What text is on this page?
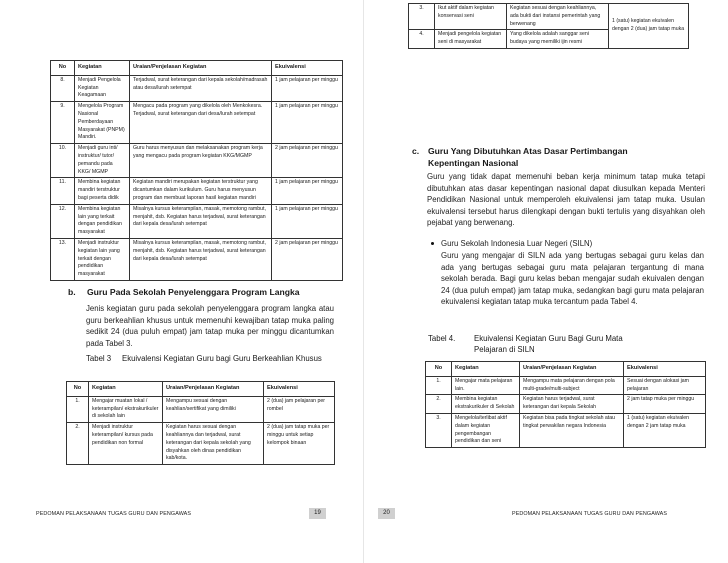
No	Kegiatan	Uraian/Penjelasan Kegiatan	Ekuivalensi
8.	Menjadi Pengelola Kegiatan Keagamaan	Terjadwal, surat keterangan dari kepala sekolah/madrasah atau desa/lurah setempat	1 jam pelajaran per minggu
9.	Mengelola Program Nasional Pemberdayaan Masyarakat (PNPM) Mandiri.	Mengacu pada program yang dikelola oleh Menkokesra. Terjadwal, surat keterangan dari desa/lurah setempat	1 jam pelajaran per minggu
10.	Menjadi guru inti/ instruktur/ tutor/ pemandu pada KKG/ MGMP	Guru harus menyusun dan melaksanakan program kerja yang mengacu pada program kegiatan KKG/MGMP	2 jam pelajaran per minggu
11.	Membina kegiatan mandiri terstruktur bagi peserta didik	Kegiatan mandiri merupakan kegiatan terstruktur yang dicantumkan dalam kurikulum. Guru harus menyusun program dan membuat laporan hasil kegiatan mandiri	1 jam pelajaran per minggu
12.	Membina kegiatan lain yang terkait dengan pendidikan masyarakat	Misalnya kursus keterampilan, masak, memotong rambut, menjahit, dsb. Kegiatan harus terjadwal, surat keterangan dari kepala desa/lurah setempat	1 jam pelajaran per minggu
13.	Menjadi instruktur kegiatan lain yang terkait dengan pendidikan masyarakat	Misalnya kursus keterampilan, masak, memotong rambut, menjahit, dsb. Kegiatan harus terjadwal, surat keterangan dari kepala desa/lurah setempat	2 jam pelajaran per minggu
b. Guru Pada Sekolah Penyelenggara Program Langka
Jenis kegiatan guru pada sekolah penyelenggara program langka atau guru berkeahlian khusus untuk memenuhi kewajiban tatap muka paling sedikit 24 (dua puluh empat) jam tatap muka per minggu dicantumkan pada Tabel 3.
Tabel 3 Ekuivalensi Kegiatan Guru bagi Guru Berkeahlian Khusus
No	Kegiatan	Uraian/Penjelasan Kegiatan	Ekuivalensi
1.	Mengajar muatan lokal / keterampilan/ ekstrakurikuler di sekolah lain	Mengampu sesuai dengan keahlian/sertifikat yang dimiliki	2 (dua) jam pelajaran per rombel
2.	Menjadi instruktur keterampilan/ kursus pada pendidikan non formal	Kegiatan harus sesuai dengan keahliannya dan terjadwal, surat keterangan dari kepala sekolah yang disyahkan oleh dinas pendidikan kab/kota.	2 (dua) jam tatap muka per minggu untuk setiap kelompok binaan
PEDOMAN PELAKSANAAN TUGAS GURU DAN PENGAWAS	19
3.	Ikut aktif dalam kegiatan konservasi seni	Kegiatan sesuai dengan keahliannya, ada bukti dari instansi pemerintah yang berwenang	1 (satu) kegiatan ekuivalen dengan 2 (dua) jam tatap muka
4.	Menjadi pengelola kegiatan seni di masyarakat	Yang dikelola adalah sanggar seni budaya yang memiliki ijin resmi	
c. Guru Yang Dibutuhkan Atas Dasar Pertimbangan
Kepentingan Nasional
Guru yang tidak dapat memenuhi beban kerja minimum tatap muka tetapi dibutuhkan atas dasar kepentingan nasional dapat diusulkan kepada Menteri Pendidikan Nasional untuk memperoleh ekuivalensi jam tatap muka. Usulan ekuivalensi tersebut harus dilengkapi dengan bukti tertulis yang disyahkan oleh pejabat yang berwenang.
Guru Sekolah Indonesia Luar Negeri (SILN)
Guru yang mengajar di SILN ada yang bertugas sebagai guru kelas dan ada yang bertugas sebagai guru mata pelajaran tergantung di mana sekolah berada. Bagi guru kelas beban mengajar sudah ekuivalen dengan 24 (dua puluh empat) jam tatap muka, sedangkan bagi guru mata pelajaran ekuivalensi kegiatan tatap muka tercantum pada Tabel 4.
Tabel 4. Ekuivalensi Kegiatan Guru Bagi Guru Mata
Pelajaran di SILN
No	Kegiatan	Uraian/Penjelasan Kegiatan	Ekuivalensi
1.	Mengajar mata pelajaran lain.	Mengampu mata pelajaran dengan pola multi-grade/multi-subject	Sesuai dengan alokasi jam pelajaran
2.	Membina kegiatan ekstrakurikuler di Sekolah	Kegiatan harus terjadwal, surat keterangan dari kepala Sekolah	2 jam tatap muka per minggu
3.	Mengelola/terlibat aktif dalam kegiatan pengembangan pendidikan dan seni	Kegiatan bisa pada tingkat sekolah atau tingkat perwakilan negara Indonesia	1 (satu) kegiatan ekuivalen dengan 2 jam tatap muka
20	PEDOMAN PELAKSANAAN TUGAS GURU DAN PENGAWAS
